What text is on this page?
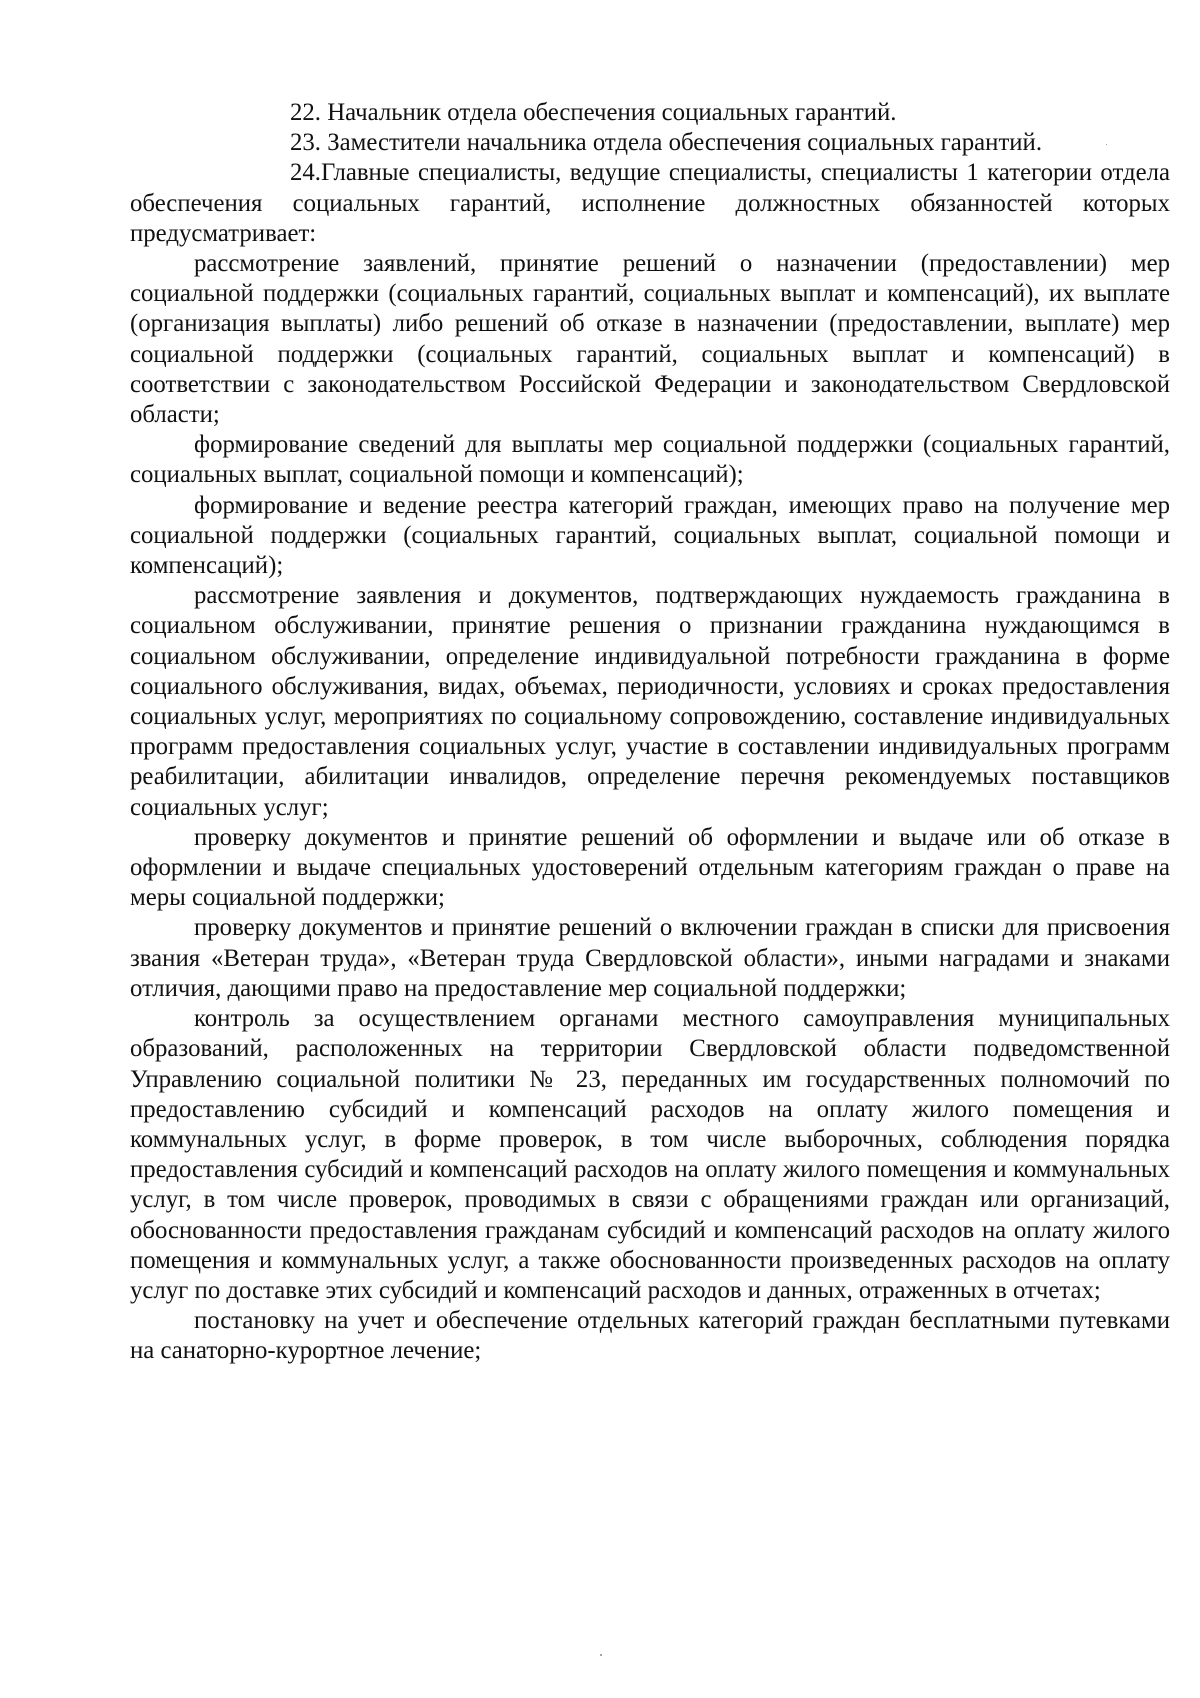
22. Начальник отдела обеспечения социальных гарантий.

23. Заместители начальника отдела обеспечения социальных гарантий.

24.Главные специалисты, ведущие специалисты, специалисты 1 категории отдела обеспечения социальных гарантий, исполнение должностных обязанностей которых предусматривает:

рассмотрение заявлений, принятие решений о назначении (предоставлении) мер социальной поддержки (социальных гарантий, социальных выплат и компенсаций), их выплате (организация выплаты) либо решений об отказе в назначении (предоставлении, выплате) мер социальной поддержки (социальных гарантий, социальных выплат и компенсаций) в соответствии с законодательством Российской Федерации и законодательством Свердловской области;

формирование сведений для выплаты мер социальной поддержки (социальных гарантий, социальных выплат, социальной помощи и компенсаций);

формирование и ведение реестра категорий граждан, имеющих право на получение мер социальной поддержки (социальных гарантий, социальных выплат, социальной помощи и компенсаций);

рассмотрение заявления и документов, подтверждающих нуждаемость гражданина в социальном обслуживании, принятие решения о признании гражданина нуждающимся в социальном обслуживании, определение индивидуальной потребности гражданина в форме социального обслуживания, видах, объемах, периодичности, условиях и сроках предоставления социальных услуг, мероприятиях по социальному сопровождению, составление индивидуальных программ предоставления социальных услуг, участие в составлении индивидуальных программ реабилитации, абилитации инвалидов, определение перечня рекомендуемых поставщиков социальных услуг;

проверку документов и принятие решений об оформлении и выдаче или об отказе в оформлении и выдаче специальных удостоверений отдельным категориям граждан о праве на меры социальной поддержки;

проверку документов и принятие решений о включении граждан в списки для присвоения звания «Ветеран труда», «Ветеран труда Свердловской области», иными наградами и знаками отличия, дающими право на предоставление мер социальной поддержки;

контроль за осуществлением органами местного самоуправления муниципальных образований, расположенных на территории Свердловской области подведомственной Управлению социальной политики № 23, переданных им государственных полномочий по предоставлению субсидий и компенсаций расходов на оплату жилого помещения и коммунальных услуг, в форме проверок, в том числе выборочных, соблюдения порядка предоставления субсидий и компенсаций расходов на оплату жилого помещения и коммунальных услуг, в том числе проверок, проводимых в связи с обращениями граждан или организаций, обоснованности предоставления гражданам субсидий и компенсаций расходов на оплату жилого помещения и коммунальных услуг, а также обоснованности произведенных расходов на оплату услуг по доставке этих субсидий и компенсаций расходов и данных, отраженных в отчетах;

постановку на учет и обеспечение отдельных категорий граждан бесплатными путевками на санаторно-курортное лечение;
